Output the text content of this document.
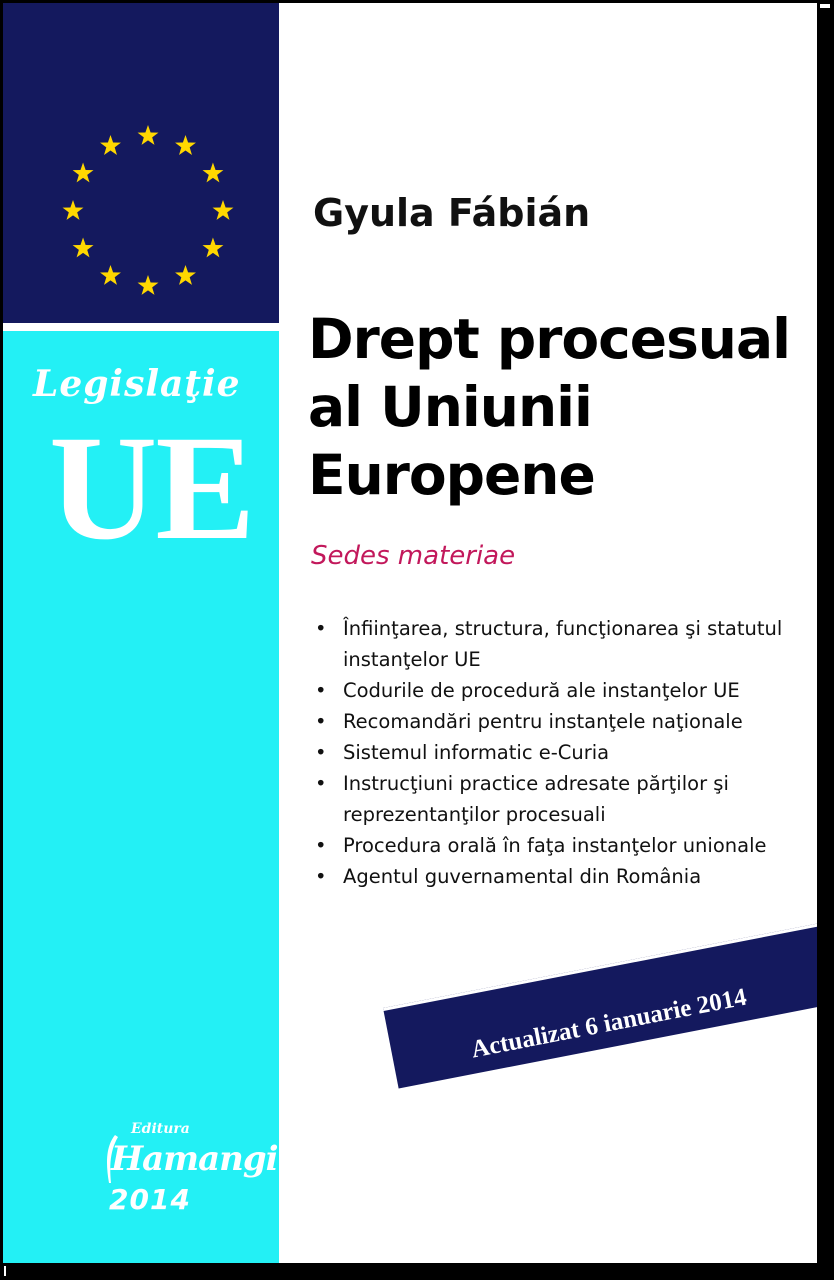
Legislaţie
UE
Gyula Fábián
Drept procesual
al Uniunii
Europene
Sedes materiae
• Înfiinţarea, structura, funcţionarea şi statutul instanţelor UE
• Codurile de procedură ale instanţelor UE
• Recomandări pentru instanţele naţionale
• Sistemul informatic e-Curia
• Instrucţiuni practice adresate părţilor şi reprezentanţilor procesuali
• Procedura orală în faţa instanţelor unionale
• Agentul guvernamental din România
Actualizat 6 ianuarie 2014
Editura
Hamangiu
2014
